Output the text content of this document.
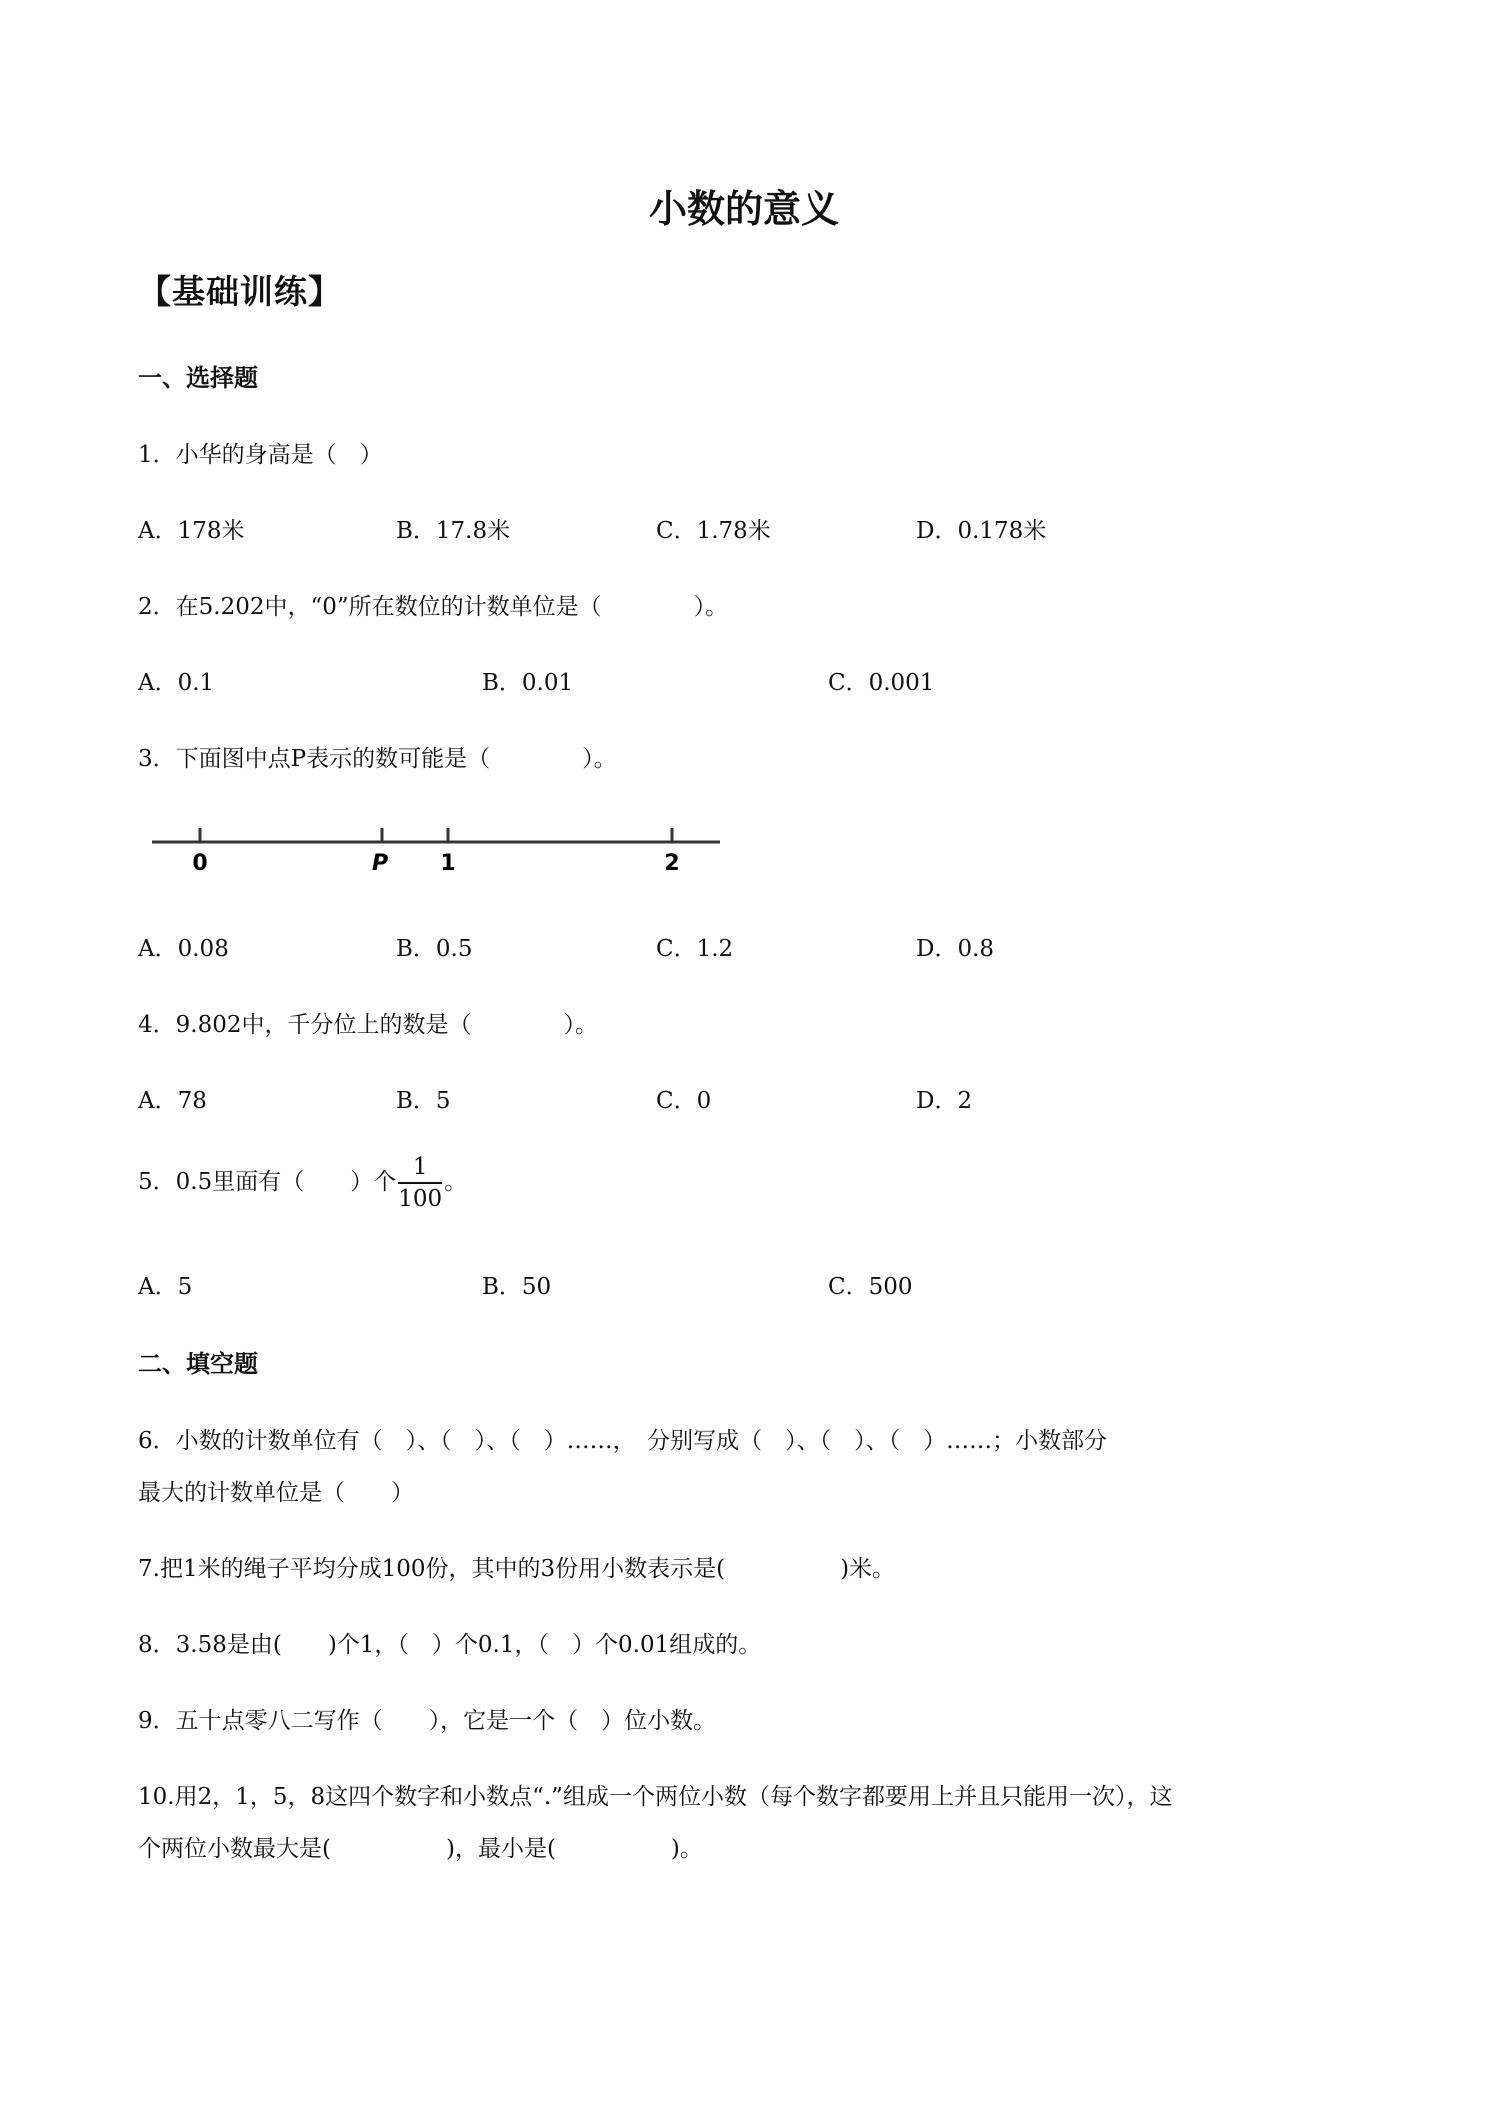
小数的意义
【基础训练】
一、选择题
1．小华的身高是（　）
A．178米	B．17.8米	C．1.78米	D．0.178米
2．在5.202中，“0”所在数位的计数单位是（　　　　）。
A．0.1	B．0.01	C．0.001
3．下面图中点P表示的数可能是（　　　　）。
0	P 1	2
A．0.08	B．0.5	C．1.2	D．0.8
4．9.802中，千分位上的数是（　　　　）。
A．78	B．5	C．0	D．2
5．0.5里面有（　　）个 $\frac{1}{100}$ 。
A．5	B．50	C．500
二、填空题
6．小数的计数单位有（　）、（　）、（　）……，　分别写成（　）、（　）、（　）……；小数部分
最大的计数单位是（　　）
7.把1米的绳子平均分成100份，其中的3份用小数表示是(　　　　　)米。
8．3.58是由(　　)个1，（　）个0.1，（　）个0.01组成的。
9．五十点零八二写作（　　），它是一个（　）位小数。
10.用2，1，5，8这四个数字和小数点“.”组成一个两位小数（每个数字都要用上并且只能用一次），这
个两位小数最大是(　　　　　)，最小是(　　　　　)。
